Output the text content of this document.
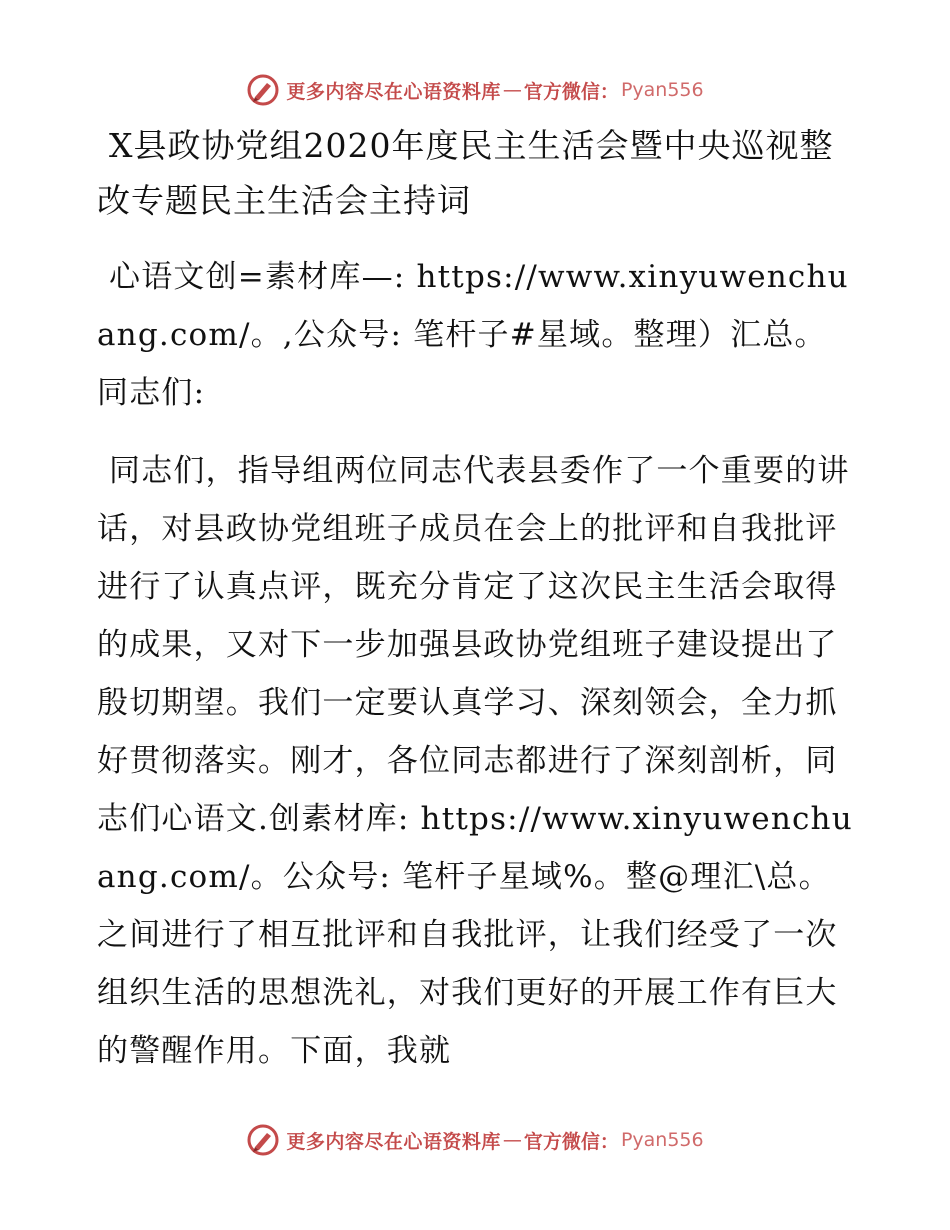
更多内容尽在心语资料库 — 官方微信： Pyan556

X县政协党组2020年度民主生活会暨中央巡视整改专题民主生活会主持词

心语文创=素材库—: https://www.xinyuwenchuang.com/。,公众号: 笔杆子#星域。整理）汇总。同志们:

同志们，指导组两位同志代表县委作了一个重要的讲话，对县政协党组班子成员在会上的批评和自我批评进行了认真点评，既充分肯定了这次民主生活会取得的成果，又对下一步加强县政协党组班子建设提出了殷切期望。我们一定要认真学习、深刻领会，全力抓好贯彻落实。刚才，各位同志都进行了深刻剖析，同志们心语文.创素材库: https://www.xinyuwenchuang.com/。公众号: 笔杆子星域%。整@理汇\总。之间进行了相互批评和自我批评，让我们经受了一次组织生活的思想洗礼，对我们更好的开展工作有巨大的警醒作用。下面，我就

更多内容尽在心语资料库 — 官方微信： Pyan556
